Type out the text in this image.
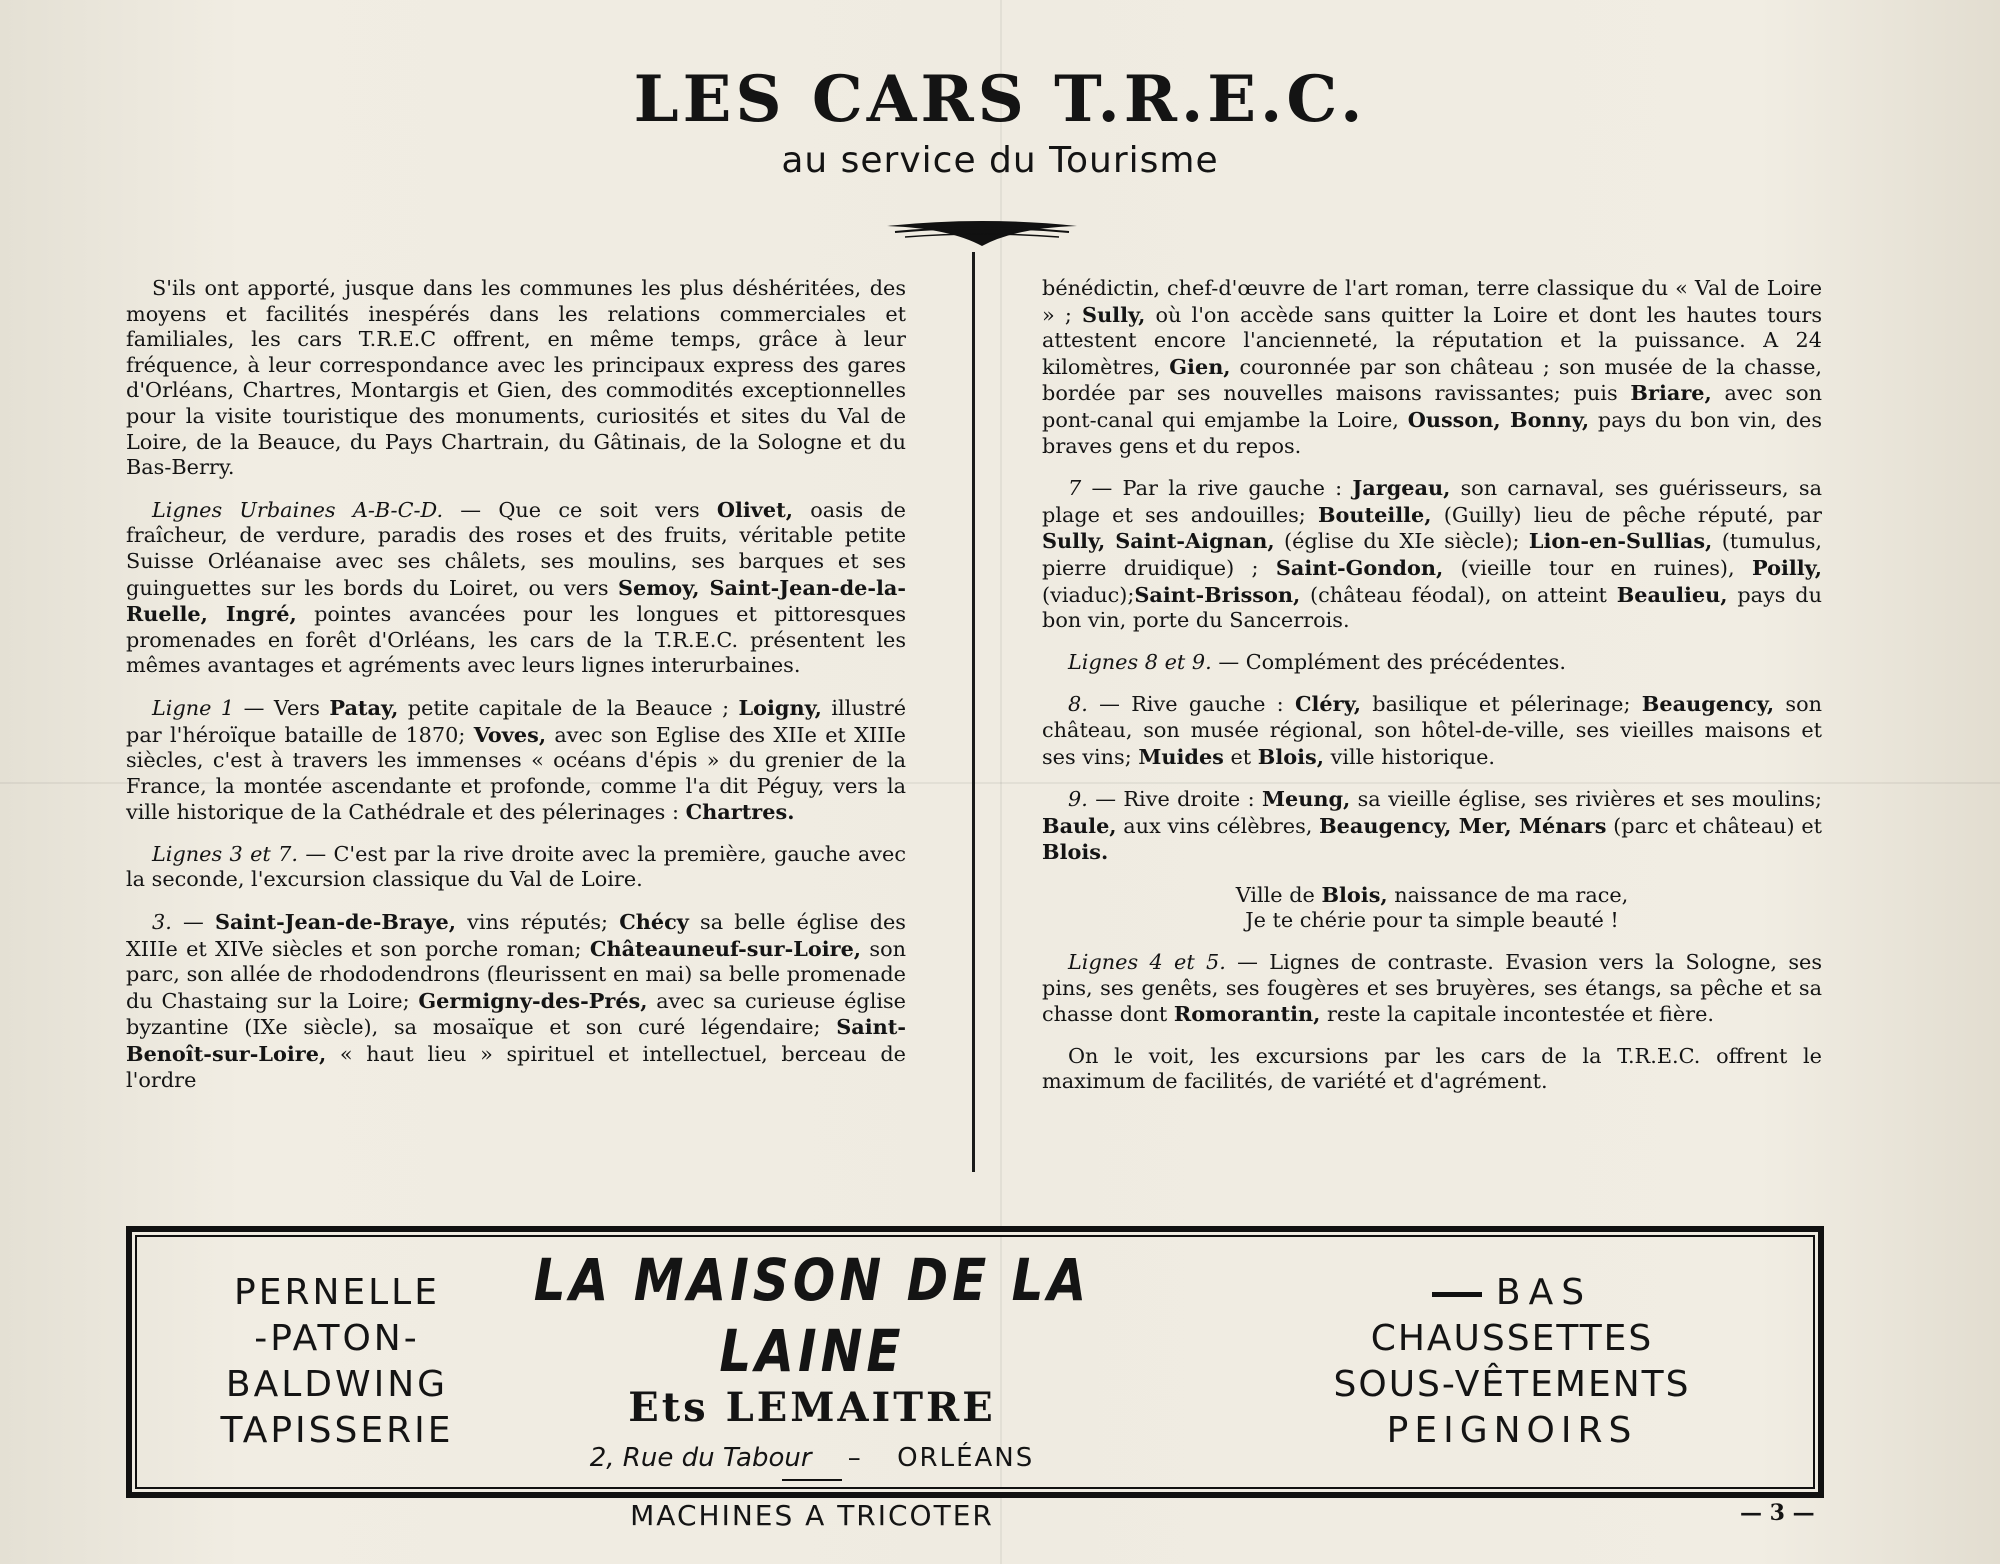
LES CARS T.R.E.C.
au service du Tourisme

S'ils ont apporté, jusque dans les communes les plus déshéritées, des moyens et facilités inespérés dans les relations commerciales et familiales, les cars T.R.E.C offrent, en même temps, grâce à leur fréquence, à leur correspondance avec les principaux express des gares d'Orléans, Chartres, Montargis et Gien, des commodités exceptionnelles pour la visite touristique des monuments, curiosités et sites du Val de Loire, de la Beauce, du Pays Chartrain, du Gâtinais, de la Sologne et du Bas-Berry.

Lignes Urbaines A-B-C-D. — Que ce soit vers Olivet, oasis de fraîcheur, de verdure, paradis des roses et des fruits, véritable petite Suisse Orléanaise avec ses châlets, ses moulins, ses barques et ses guinguettes sur les bords du Loiret, ou vers Semoy, Saint-Jean-de-la-Ruelle, Ingré, pointes avancées pour les longues et pittoresques promenades en forêt d'Orléans, les cars de la T.R.E.C. présentent les mêmes avantages et agréments avec leurs lignes interurbaines.

Ligne 1 — Vers Patay, petite capitale de la Beauce ; Loigny, illustré par l'héroïque bataille de 1870; Voves, avec son Eglise des XIIe et XIIIe siècles, c'est à travers les immenses « océans d'épis » du grenier de la France, la montée ascendante et profonde, comme l'a dit Péguy, vers la ville historique de la Cathédrale et des pélerinages : Chartres.

Lignes 3 et 7. — C'est par la rive droite avec la première, gauche avec la seconde, l'excursion classique du Val de Loire.

3. — Saint-Jean-de-Braye, vins réputés; Chécy sa belle église des XIIIe et XIVe siècles et son porche roman; Châteauneuf-sur-Loire, son parc, son allée de rhododendrons (fleurissent en mai) sa belle promenade du Chastaing sur la Loire; Germigny-des-Prés, avec sa curieuse église byzantine (IXe siècle), sa mosaïque et son curé légendaire; Saint-Benoît-sur-Loire, « haut lieu » spirituel et intellectuel, berceau de l'ordre

bénédictin, chef-d'œuvre de l'art roman, terre classique du « Val de Loire » ; Sully, où l'on accède sans quitter la Loire et dont les hautes tours attestent encore l'ancienneté, la réputation et la puissance. A 24 kilomètres, Gien, couronnée par son château ; son musée de la chasse, bordée par ses nouvelles maisons ravissantes; puis Briare, avec son pont-canal qui emjambe la Loire, Ousson, Bonny, pays du bon vin, des braves gens et du repos.

7 — Par la rive gauche : Jargeau, son carnaval, ses guérisseurs, sa plage et ses andouilles; Bouteille, (Guilly) lieu de pêche réputé, par Sully, Saint-Aignan, (église du XIe siècle); Lion-en-Sullias, (tumulus, pierre druidique) ; Saint-Gondon, (vieille tour en ruines), Poilly, (viaduc);Saint-Brisson, (château féodal), on atteint Beaulieu, pays du bon vin, porte du Sancerrois.

Lignes 8 et 9. — Complément des précédentes.

8. — Rive gauche : Cléry, basilique et pélerinage; Beaugency, son château, son musée régional, son hôtel-de-ville, ses vieilles maisons et ses vins; Muides et Blois, ville historique.

9. — Rive droite : Meung, sa vieille église, ses rivières et ses moulins; Baule, aux vins célèbres, Beaugency, Mer, Ménars (parc et château) et Blois.

Ville de Blois, naissance de ma race,
Je te chérie pour ta simple beauté !

Lignes 4 et 5. — Lignes de contraste. Evasion vers la Sologne, ses pins, ses genêts, ses fougères et ses bruyères, ses étangs, sa pêche et sa chasse dont Romorantin, reste la capitale incontestée et fière.

On le voit, les excursions par les cars de la T.R.E.C. offrent le maximum de facilités, de variété et d'agrément.

PERNELLE
-PATON-
BALDWING
TAPISSERIE
LA MAISON DE LA LAINE
Ets LEMAITRE
2, Rue du Tabour – ORLÉANS
MACHINES A TRICOTER
BAS
CHAUSSETTES
SOUS-VÊTEMENTS
PEIGNOIRS
— 3 —
